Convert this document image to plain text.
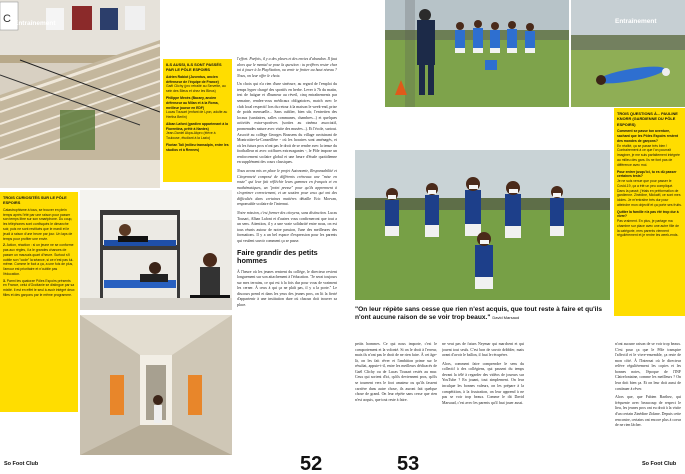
C Entraînement
ILS AUSSI, ILS SONT PASSÉS PAR LE PÔLE ESPOIRS

Adrien Rabiot (Juventus, ancien défenseur de l'équipe de France)
Gaël Clichy (pro retraité au Servette, au sein des Bleus et chez les Bleus)

Philippe Mexès (Bacary, ancien défenseur au Milan et à la Roma, meilleur joueur en EDF)
Lucas Tousart (enfant de Lyon, adulte au Hertha Berlin)

Alban Lafont (gardien appartenant à la Fiorentina, prêté à Nantes)
Jean-Daniel Akpa-Akpro (élève à Toulouse, étudiant à la Lazio)

Florian Tali (milieu transalpin, entre les studios et à Rennes)

TROIS CURIOSITÉS SUR LE PÔLE ESPOIRS

Catastrophisme à tous, se trouver en plein temps après l'été par une raison pour passer son temps libre sur son smartphone. Du coup, les téléphones sont confisqués le dimanche soir, puis ne sont restitués que le mardi et le jeudi à raison d'une heure par jour. Un laps de temps pour profiter une envie.

2. Action, réaction : si un jeune ne se conforme pas aux règles, il a le grandes chances de passer un mauvais quart d'heure. Surtout s'il oublie son "code" la séance, si ce n'est pas lui-même. Comme le foot a ça, a une fois de plus, l'amour est prioritaire et n'oublie pas l'éducation.

3. Parmi les quatorze Pôles Espoirs présents en France, celui d'Occitanie se distingue par sa mixité. Il est en effet le seul à avoir intégré deux filles et des garçons par le même programme.

l'effort. Parfois, il y a des pleurs et des envies d'abandon. Il faut alors que le mental se pose la question : tu préfères rester chez toi à jouer à la PlayStation, ou venir te frotter au haut niveau ? Nous, on leur offre le choix.

Un choix qui n'a rien d'une sinécure, au regard de l'emploi du temps hyper chargé des sportifs en herbe. Lever à 7h du matin, test de fatigue et d'humeur au réveil, cinq entraînements par semaine, rendez-vous médicaux obligatoires, match avec le club local respectif lors du retour à la maison le week-end, prise de poids mensuelle... Sans oublier, bien sûr, l'entretien des locaux (sanitaires, salles communes, chambres...) et quelques activités extra-sportives (sorties au cinéma associatif, promenades nature avec visite des musées...). Et l'école, surtout. Associé au collège Georges Brassens du village avoisinant de Montrottier-la-Conseillère - où les horaires sont aménagés, et où les futurs pros n'ont pas le droit de se rendre avec la tenue du footballeur ni avec coiffures extravagantes -, le Pôle impose un renforcement scolaire global et une heure d'étude quotidienne en supplément des cours classiques.

Nous avons mis en place le projet Autonomie, Responsabilité et Citoyenneté composé de différents créneaux une "mise en route" qui leur fait réfléchir leurs gammes en français et en mathématiques, un "point presse" pour qu'ils apprennent à s'exprimer correctement, et un soutien pour ceux qui ont des difficultés dans certaines matières détaille Eric Morvan, responsable scolaire de l'internat.

Notre mission, c'est former des citoyens, sans distinction. Lucas Tousart, Alban Lafont et d'autres vous confirmeront que tout a un sens. Attention, il y a une vraie solidarité entre nous, on est tous réunis autour de notre passion, l'une des meilleures des formations. Il y a un bel espace d'expression pour les parents qui veulent savoir comment ça se passe.

Faire grandir des petits hommes

À l'heure où les jeunes rentrent du collège, le directeur revient longuement sur son attachement à l'éducation. "Je serai toujours sur mes terrains, ce qui est à la fois dur pour vous de vraiment les cerner. À ceux à qui ça ne plaît pas, il y a la porte." Le discours prend et dans les yeux des jeunes pros, on lit la fierté d'appartenir à une institution dure où chacun doit trouver sa place.

52
So Foot Club
Entraînement
TROIS QUESTIONS À... PAULINE KNORR (GARDIENNE DU PÔLE ESPOIRS)

Comment se passe ton aventure, sachant que les Pôles Espoirs restent des mondes de garçons?
En réalité, ça se passe très bien ! Contrairement à ce que l'on pourrait imaginer, je me suis parfaitement intégrée au milieu des gars. Ils ne font pas de différence avec moi.

Pour entrer jusqu'ici, tu es dû passer certaines tests?
Je ne suis venue que pour passer le Covid-19, ça a été un peu compliqué. Dans la passé, j'étais en préformation de gardienne. Zinédine, Mickaël, ce sont mes idoles. Je m'entraîne très dur pour atteindre mon objectif et ça porte ses fruits.

Quitter la famille n'a pas été trop dur à vivre?
Pas vraiment. En plus, je partage ma chambre sur place avec une autre fille de la catégorie, mes parents viennent régulièrement et je rentre les week-ends.

"On leur répète sans cesse que rien n'est acquis, que tout reste à faire et qu'ils n'ont aucune raison de se voir trop beaux." David Marsaud

petits hommes. Ce qui nous importe, c'est le comportement et la volonté. Si on le droit à l'erreur, mais ils n'ont pas le droit de ne rien faire. À cet âge-là, on les fait rêver et l'ambition prime sur le résultat, appuie-t-il, entre les meilleurs dédicacés de Gaël Clichy ou de Lucas Tousart restés au mur. Ceux qui sortent d'ici, qu'ils deviennent pros, qu'ils se tournent vers le foot amateur ou qu'ils fassent carrière dans autre chose, ils auront fait quelque chose de grand. On leur répète sans cesse que rien n'est acquis, que tout reste à faire.

ne veut pas de futurs Neymar qui marchent et qui jouent tout seuls. C'est bon de savoir dribbler, mais avant d'avoir le ballon, il faut le récupérer.

Alors, comment faire comprendre le sens du collectif à des collégiens, qui passent du temps devant la télé à regarder des vidéos de joueurs sur YouTube ? En jouant, tout simplement. On leur inculque les bonnes valeurs, on les prépare à la compétition, à la frustration, on leur apprend à ne pas se voir trop beaux. Comme le dit David Marsaud, c'est avec les parents qu'il faut jouer aussi.

n'ont aucune raison de se voir trop beaux. C'est pour ça que le Pôle transpire l'affectif et le vivre-ensemble, ça reste de mon côté. À l'Internat où le directeur relève régulièrement les copies et les bonnes notes, l'époque de l'INF Clairefontaine, comme les meilleurs ? On leur doit bien ça. Et on leur doit aussi de continuer à rêver.

Alors que, que Fabien Barthez, qui fréquente avec beaucoup de respect le lieu, les jeunes pros ont eu droit à la visite d'un certain Zinédine Zidane. Depuis cette rencontre, certains ont encore plus à coeur de ne rien lâcher.

53	So Foot Club
